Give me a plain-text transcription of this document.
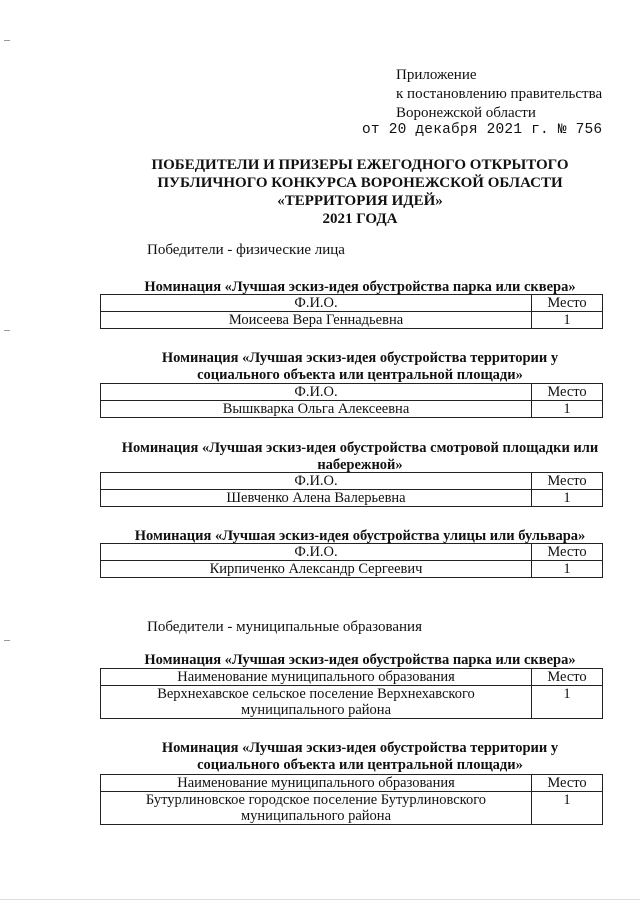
Приложение
к постановлению правительства
Воронежской области
от 20 декабря 2021 г. № 756
ПОБЕДИТЕЛИ И ПРИЗЕРЫ ЕЖЕГОДНОГО ОТКРЫТОГО
ПУБЛИЧНОГО КОНКУРСА ВОРОНЕЖСКОЙ ОБЛАСТИ
«ТЕРРИТОРИЯ ИДЕЙ»
2021 ГОДА
Победители - физические лица
Номинация «Лучшая эскиз-идея обустройства парка или сквера»
Ф.И.О.	Место
Моисеева Вера Геннадьевна	1
Номинация «Лучшая эскиз-идея обустройства территории у
социального объекта или центральной площади»
Ф.И.О.	Место
Вышкварка Ольга Алексеевна	1
Номинация «Лучшая эскиз-идея обустройства смотровой площадки или
набережной»
Ф.И.О.	Место
Шевченко Алена Валерьевна	1
Номинация «Лучшая эскиз-идея обустройства улицы или бульвара»
Ф.И.О.	Место
Кирпиченко Александр Сергеевич	1
Победители - муниципальные образования
Номинация «Лучшая эскиз-идея обустройства парка или сквера»
Наименование муниципального образования	Место

Верхнехавское сельское поселение Верхнехавского
муниципального района	1
Номинация «Лучшая эскиз-идея обустройства территории у
социального объекта или центральной площади»
Наименование муниципального образования	Место

Бутурлиновское городское поселение Бутурлиновского
муниципального района	1
